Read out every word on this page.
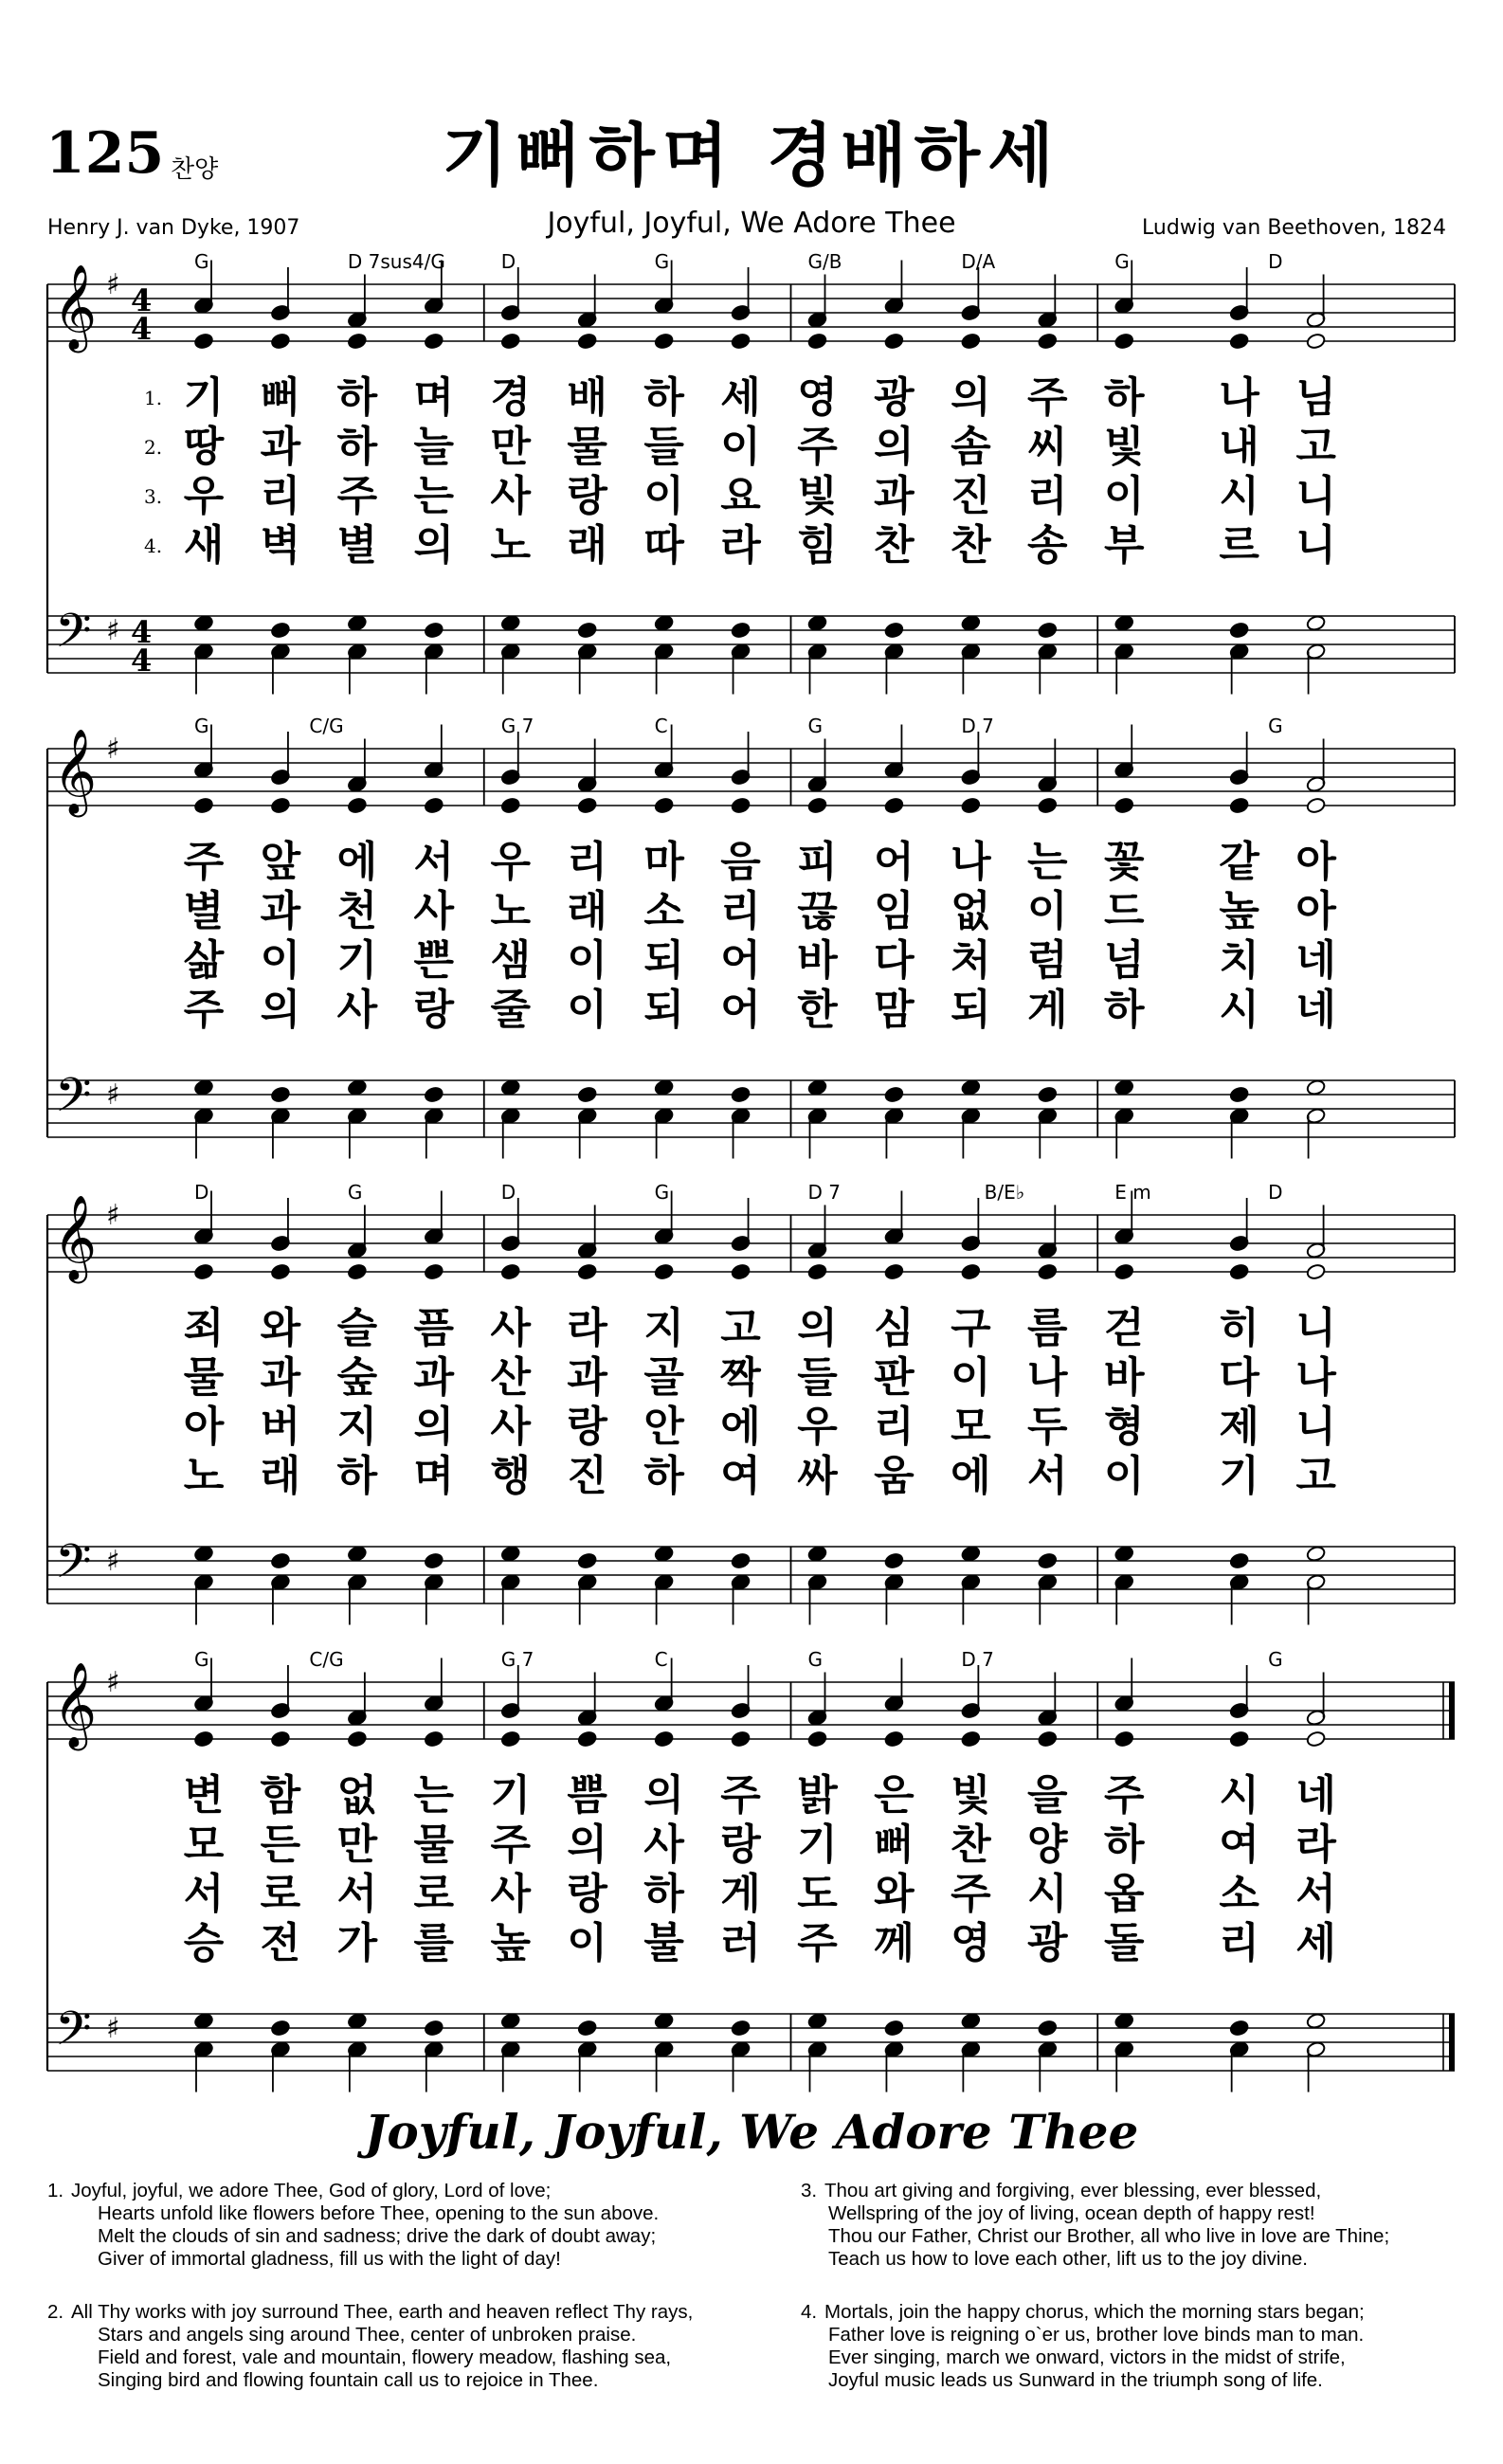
125 찬양	기뻐하며 경배하세
Joyful, Joyful, We Adore Thee
Henry J. van Dyke, 1907	Ludwig van Beethoven, 1824
𝄞
𝄢
♯
♯
4
4
4
4
G	D 7sus4/G	D	G	G/B	D/A	G	D
1. 기 뻐 하 며 경 배 하 세 영 광 의 주 하 나 님
2. 땅 과 하 늘 만 물 들 이 주 의 솜 씨 빛 내 고
3. 우 리 주 는 사 랑 이 요 빛 과 진 리 이 시 니
4. 새 벽 별 의 노 래 따 라 힘 찬 찬 송 부 르 니
𝄞
𝄢
♯
♯
G	C/G	G 7	C	G	D 7	G
주 앞 에 서 우 리 마 음 피 어 나 는 꽃 같 아
별 과 천 사 노 래 소 리 끊 임 없 이 드 높 아
삶 이 기 쁜 샘 이 되 어 바 다 처 럼 넘 치 네
주 의 사 랑 줄 이 되 어 한 맘 되 게 하 시 네
𝄞
𝄢
♯
♯
D	G	D	G	D 7	B/E♭	E m	D
죄 와 슬 픔 사 라 지 고 의 심 구 름 걷 히 니
물 과 숲 과 산 과 골 짝 들 판 이 나 바 다 나
아 버 지 의 사 랑 안 에 우 리 모 두 형 제 니
노 래 하 며 행 진 하 여 싸 움 에 서 이 기 고
𝄞
𝄢
♯
♯
G	C/G	G 7	C	G	D 7	G
변 함 없 는 기 쁨 의 주 밝 은 빛 을 주 시 네
모 든 만 물 주 의 사 랑 기 뻐 찬 양 하 여 라
서 로 서 로 사 랑 하 게 도 와 주 시 옵 소 서
승 전 가 를 높 이 불 러 주 께 영 광 돌 리 세
Joyful, Joyful, We Adore Thee
1. Joyful, joyful, we adore Thee, God of glory, Lord of love;
Hearts unfold like flowers before Thee, opening to the sun above.
Melt the clouds of sin and sadness; drive the dark of doubt away;
Giver of immortal gladness, fill us with the light of day!
2. All Thy works with joy surround Thee, earth and heaven reflect Thy rays,
Stars and angels sing around Thee, center of unbroken praise.
Field and forest, vale and mountain, flowery meadow, flashing sea,
Singing bird and flowing fountain call us to rejoice in Thee.
3. Thou art giving and forgiving, ever blessing, ever blessed,
Wellspring of the joy of living, ocean depth of happy rest!
Thou our Father, Christ our Brother, all who live in love are Thine;
Teach us how to love each other, lift us to the joy divine.
4. Mortals, join the happy chorus, which the morning stars began;
Father love is reigning o`er us, brother love binds man to man.
Ever singing, march we onward, victors in the midst of strife,
Joyful music leads us Sunward in the triumph song of life.
